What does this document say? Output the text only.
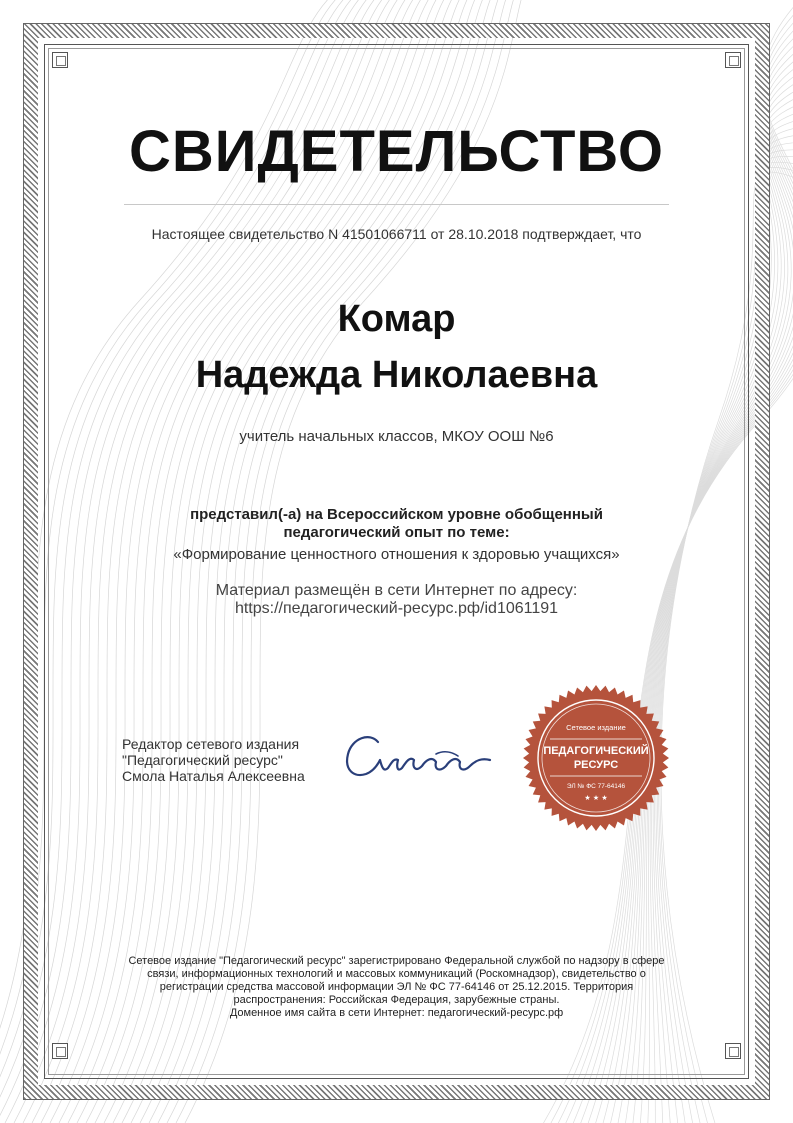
СВИДЕТЕЛЬСТВО
Настоящее свидетельство N 41501066711 от 28.10.2018 подтверждает, что
Комар
Надежда Николаевна
учитель начальных классов, МКОУ ООШ №6
представил(-а) на Всероссийском уровне обобщенный
педагогический опыт по теме:
«Формирование ценностного отношения к здоровью учащихся»
Материал размещён в сети Интернет по адресу:
https://педагогический-ресурс.рф/id1061191
Редактор сетевого издания
"Педагогический ресурс"
Смола Наталья Алексеевна
Сетевое издание
ПЕДАГОГИЧЕСКИЙ
РЕСУРС
ЭЛ № ФС 77-64146
★ ★ ★
Сетевое издание "Педагогический ресурс" зарегистрировано Федеральной службой по надзору в сфере
связи, информационных технологий и массовых коммуникаций (Роскомнадзор), свидетельство о
регистрации средства массовой информации ЭЛ № ФС 77-64146 от 25.12.2015. Территория
распространения: Российская Федерация, зарубежные страны.
Доменное имя сайта в сети Интернет: педагогический-ресурс.рф
